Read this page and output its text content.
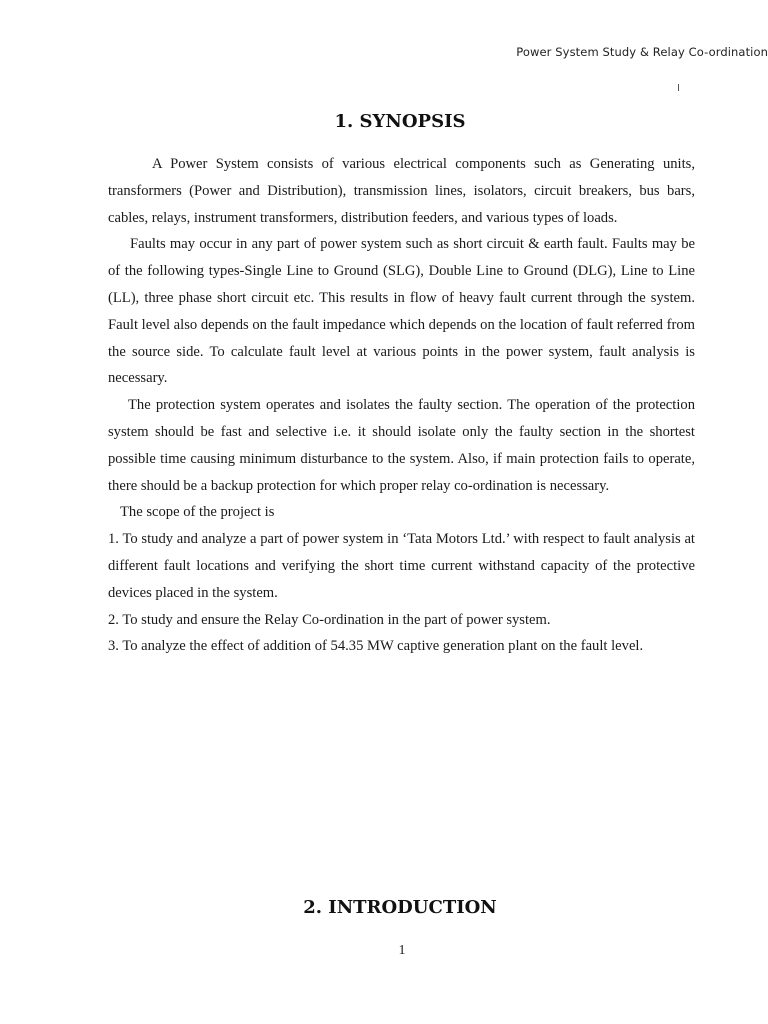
Power System Study & Relay Co-ordination
1. SYNOPSIS

A Power System consists of various electrical components such as Generating units, transformers (Power and Distribution), transmission lines, isolators, circuit breakers, bus bars, cables, relays, instrument transformers, distribution feeders, and various types of loads.

Faults may occur in any part of power system such as short circuit & earth fault. Faults may be of the following types-Single Line to Ground (SLG), Double Line to Ground (DLG), Line to Line (LL), three phase short circuit etc. This results in flow of heavy fault current through the system. Fault level also depends on the fault impedance which depends on the location of fault referred from the source side. To calculate fault level at various points in the power system, fault analysis is necessary.

The protection system operates and isolates the faulty section. The operation of the protection system should be fast and selective i.e. it should isolate only the faulty section in the shortest possible time causing minimum disturbance to the system. Also, if main protection fails to operate, there should be a backup protection for which proper relay co-ordination is necessary.

The scope of the project is

1. To study and analyze a part of power system in ‘Tata Motors Ltd.’ with respect to fault analysis at different fault locations and verifying the short time current withstand capacity of the protective devices placed in the system.

2. To study and ensure the Relay Co-ordination in the part of power system.

3. To analyze the effect of addition of 54.35 MW captive generation plant on the fault level.

2. INTRODUCTION
1
